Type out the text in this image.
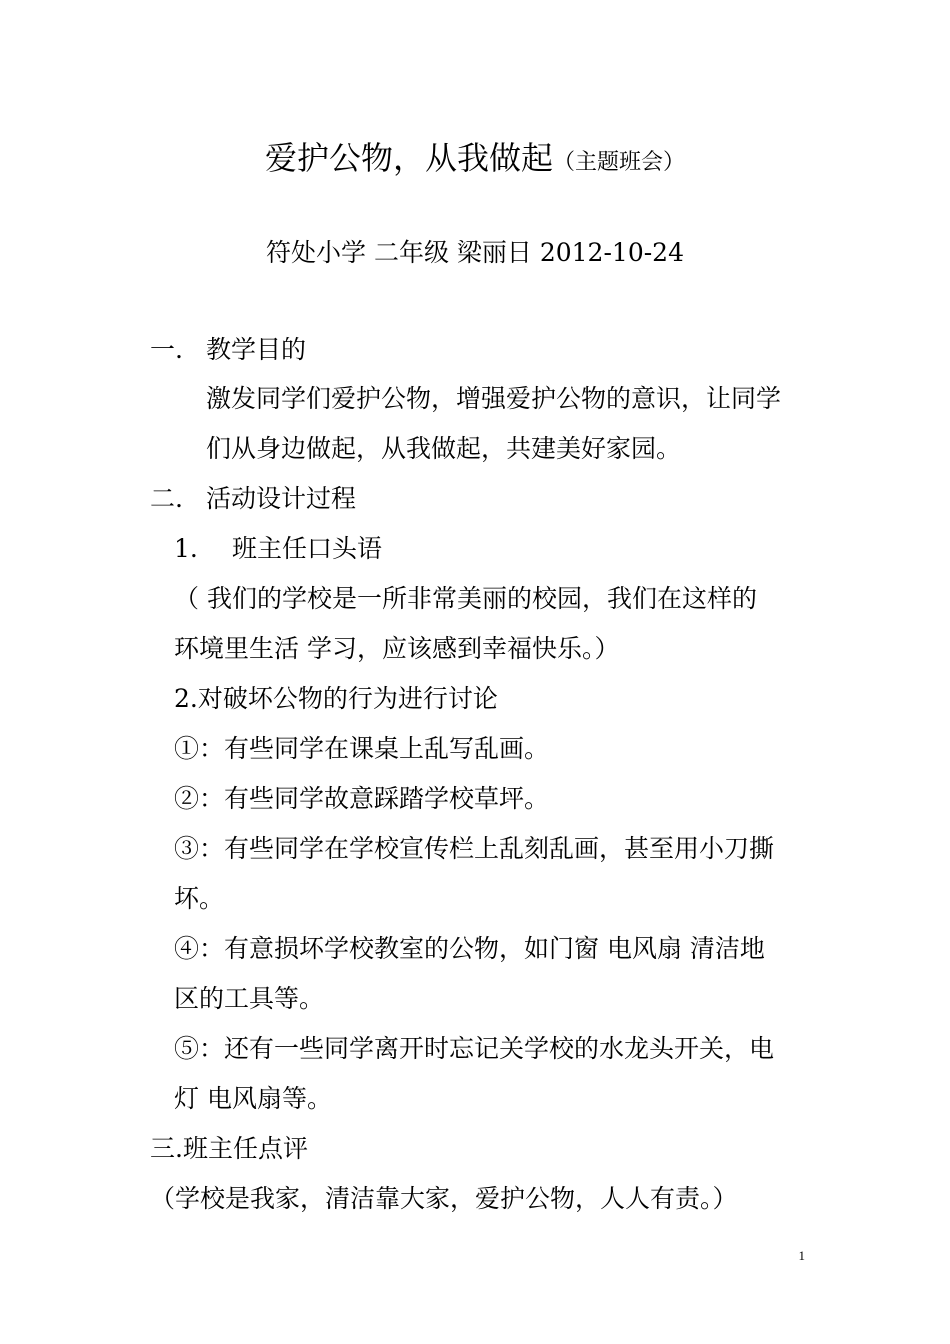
爱护公物，从我做起（主题班会）
符处小学 二年级 梁丽日 2012-10-24
一. 教学目的
激发同学们爱护公物，增强爱护公物的意识，让同学
们从身边做起，从我做起，共建美好家园。
二. 活动设计过程
1. 班主任口头语
（ 我们的学校是一所非常美丽的校园，我们在这样的
环境里生活 学习，应该感到幸福快乐。）
2.对破坏公物的行为进行讨论
①：有些同学在课桌上乱写乱画。
②：有些同学故意踩踏学校草坪。
③：有些同学在学校宣传栏上乱刻乱画，甚至用小刀撕
坏。
④：有意损坏学校教室的公物，如门窗 电风扇 清洁地
区的工具等。
⑤：还有一些同学离开时忘记关学校的水龙头开关，电
灯 电风扇等。
三.班主任点评
（学校是我家，清洁靠大家，爱护公物，人人有责。）
1
